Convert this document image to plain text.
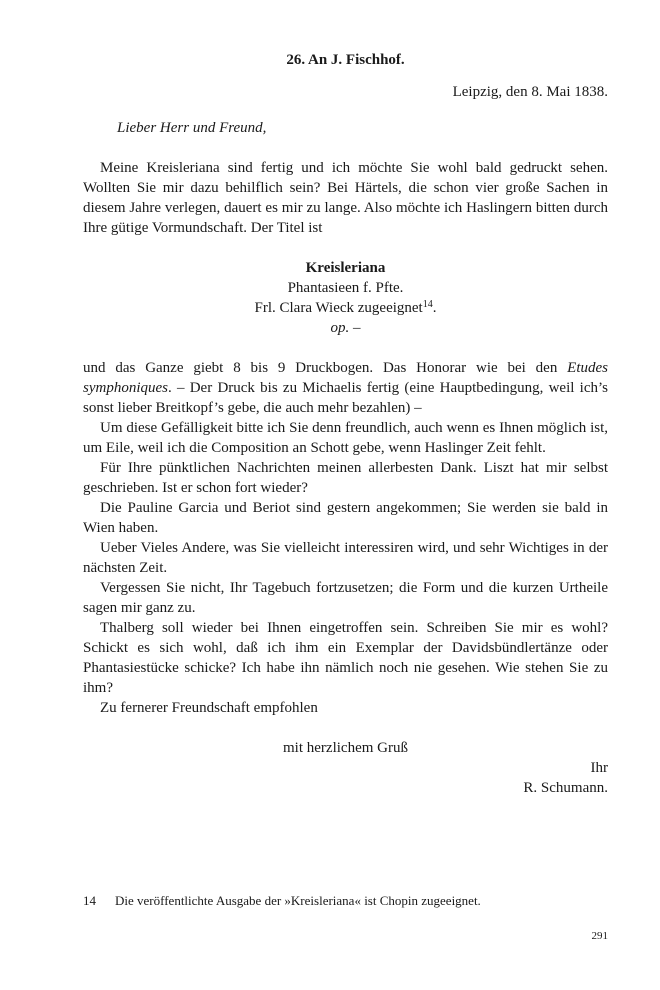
26. An J. Fischhof.

Leipzig, den 8. Mai 1838.
Lieber Herr und Freund,

Meine Kreisleriana sind fertig und ich möchte Sie wohl bald gedruckt sehen. Wollten Sie mir dazu behilflich sein? Bei Härtels, die schon vier große Sachen in diesem Jahre verlegen, dauert es mir zu lange. Also möchte ich Haslingern bitten durch Ihre gütige Vormundschaft. Der Titel ist

Kreisleriana
Phantasieen f. Pfte.
Frl. Clara Wieck zugeeignet$^{14}$.
op. –

und das Ganze giebt 8 bis 9 Druckbogen. Das Honorar wie bei den Etudes symphoniques. – Der Druck bis zu Michaelis fertig (eine Hauptbedingung, weil ich’s sonst lieber Breitkopf’s gebe, die auch mehr bezahlen) –

Um diese Gefälligkeit bitte ich Sie denn freundlich, auch wenn es Ihnen möglich ist, um Eile, weil ich die Composition an Schott gebe, wenn Haslinger Zeit fehlt.

Für Ihre pünktlichen Nachrichten meinen allerbesten Dank. Liszt hat mir selbst geschrieben. Ist er schon fort wieder?

Die Pauline Garcia und Beriot sind gestern angekommen; Sie werden sie bald in Wien haben.

Ueber Vieles Andere, was Sie vielleicht interessiren wird, und sehr Wichtiges in der nächsten Zeit.

Vergessen Sie nicht, Ihr Tagebuch fortzusetzen; die Form und die kurzen Urtheile sagen mir ganz zu.

Thalberg soll wieder bei Ihnen eingetroffen sein. Schreiben Sie mir es wohl? Schickt es sich wohl, daß ich ihm ein Exemplar der Davidsbündlertänze oder Phantasiestücke schicke? Ich habe ihn nämlich noch nie gesehen. Wie stehen Sie zu ihm?

Zu fernerer Freundschaft empfohlen

mit herzlichem Gruß
Ihr
R. Schumann.
14 Die veröffentlichte Ausgabe der »Kreisleriana« ist Chopin zugeeignet.
291
